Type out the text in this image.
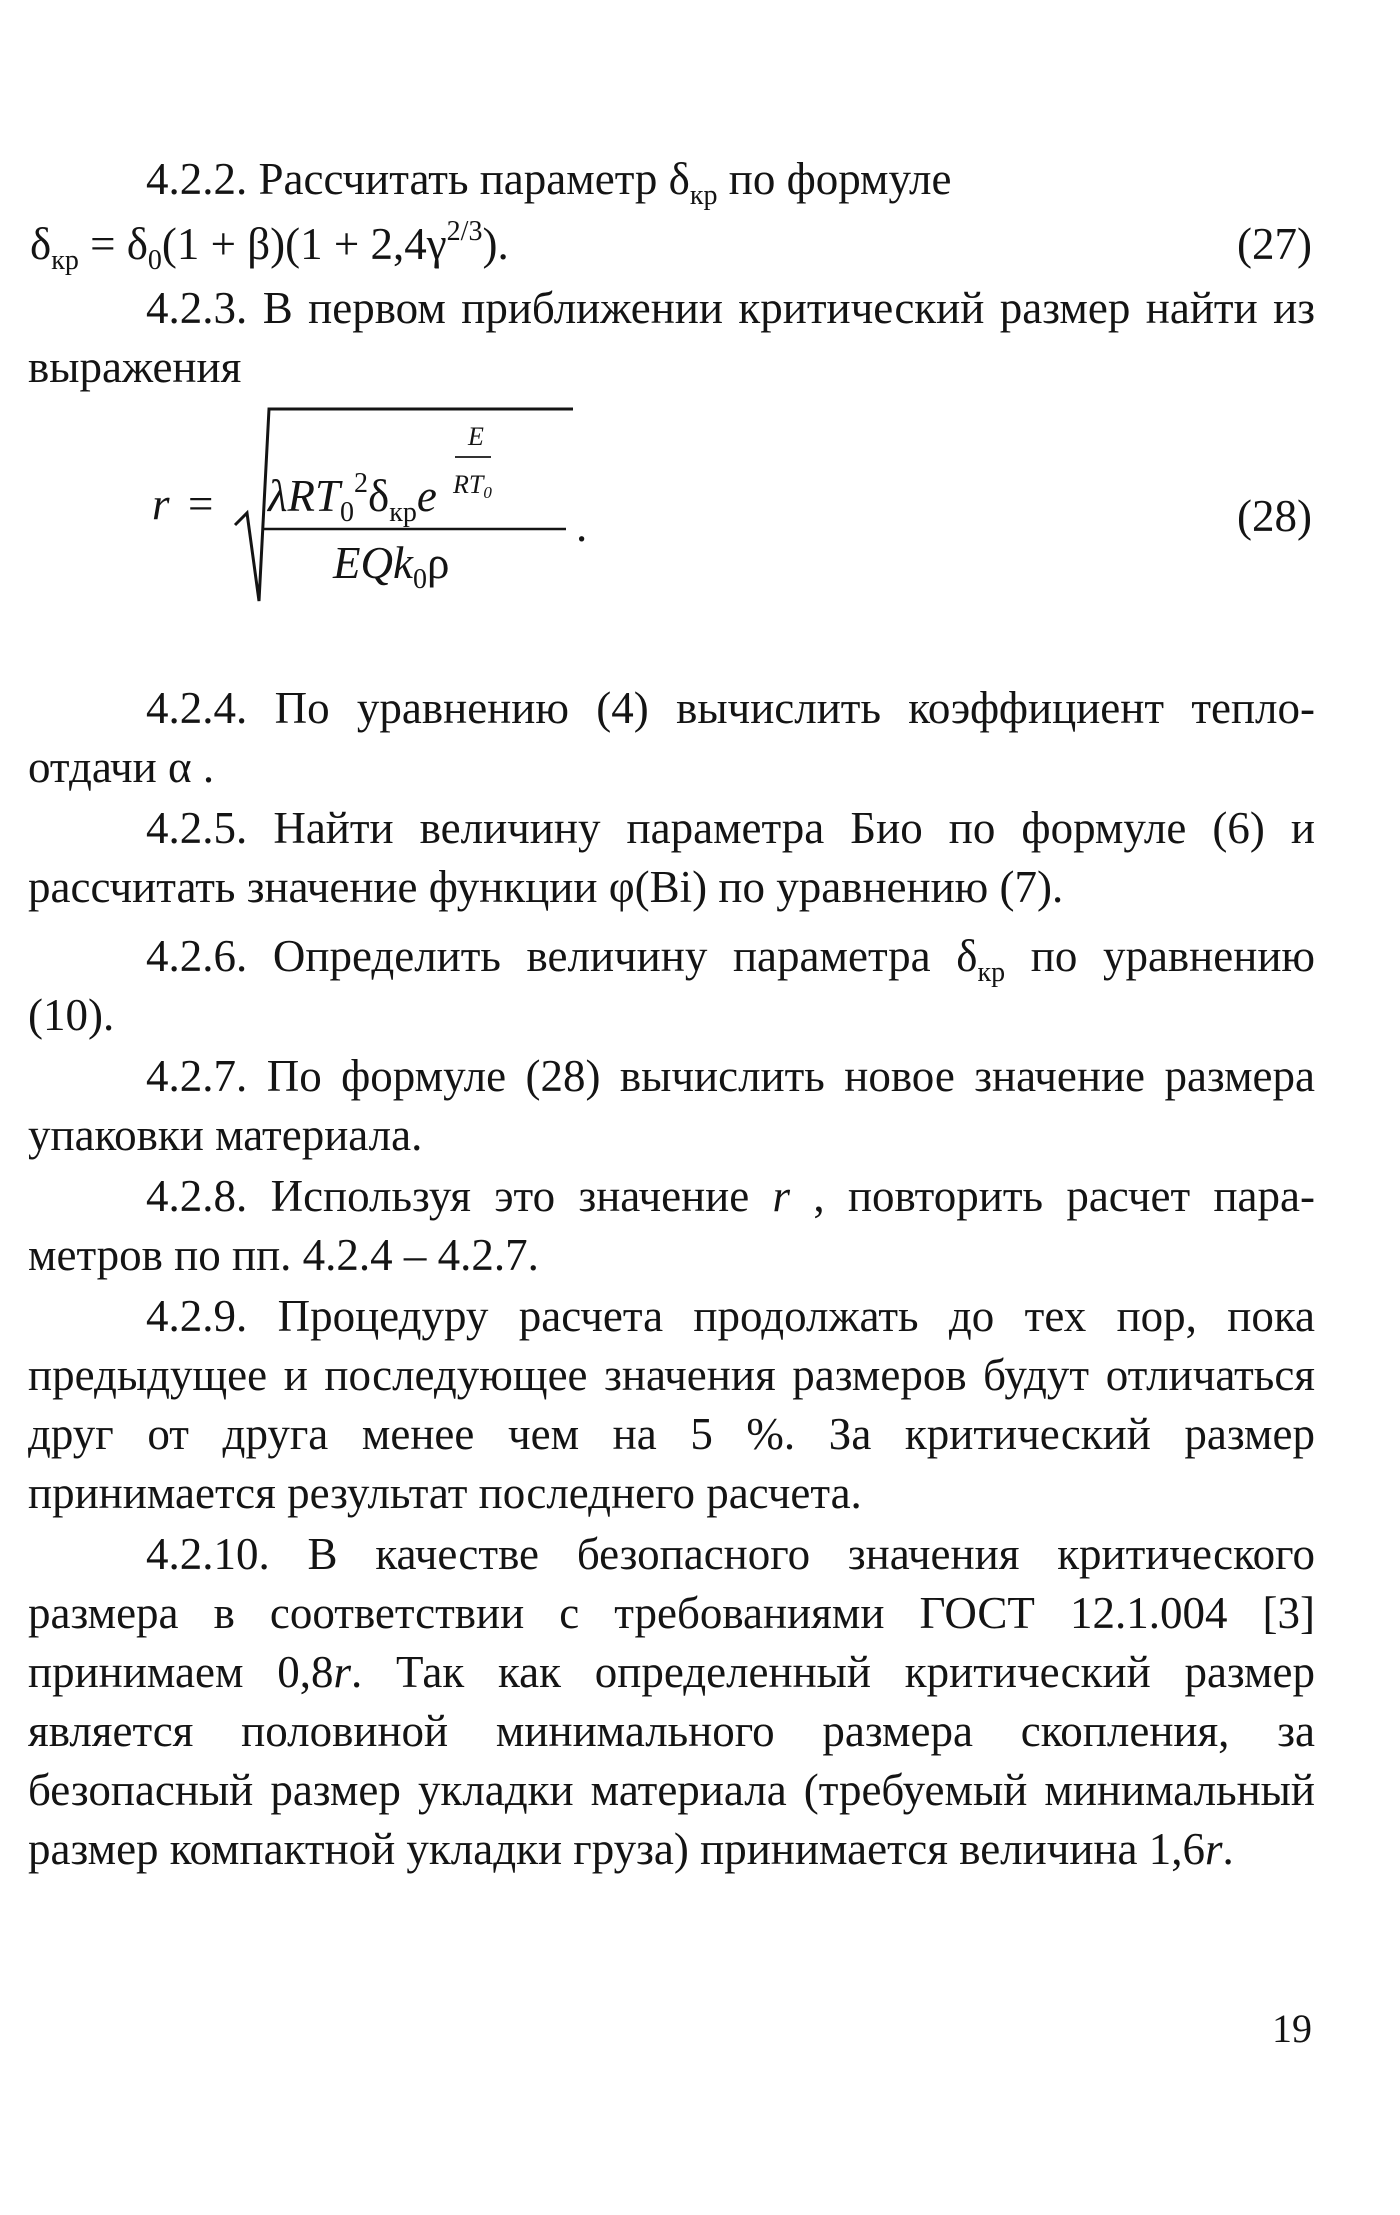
4.2.2. Рассчитать параметр $\delta_{кр}$ по формуле

$\delta_{кр} = \delta_0(1 + \beta)(1 + 2,4\gamma^{2/3})$.	(27)

4.2.3. В первом приближении критический размер найти из выражения

$r = \lambda RT_0^2\delta_{кр}e$
E
RT0
EQk$_0$ρ
.	(28)

4.2.4. По уравнению (4) вычислить коэффициент теплоотдачи α .

4.2.5. Найти величину параметра Био по формуле (6) и рассчитать значение функции φ(Bi) по уравнению (7).

4.2.6. Определить величину параметра $\delta_{кр}$ по уравнению (10).

4.2.7. По формуле (28) вычислить новое значение размера упаковки материала.

4.2.8. Используя это значение r , повторить расчет параметров по пп. 4.2.4 – 4.2.7.

4.2.9. Процедуру расчета продолжать до тех пор, пока предыдущее и последующее значения размеров будут отличаться друг от друга менее чем на 5 %. За критический размер принимается результат последнего расчета.

4.2.10. В качестве безопасного значения критического размера в соответствии с требованиями ГОСТ 12.1.004 [3] принимаем 0,8r. Так как определенный критический размер является половиной минимального размера скопления, за безопасный размер укладки материала (требуемый минимальный размер компактной укладки груза) принимается величина 1,6r.

19
